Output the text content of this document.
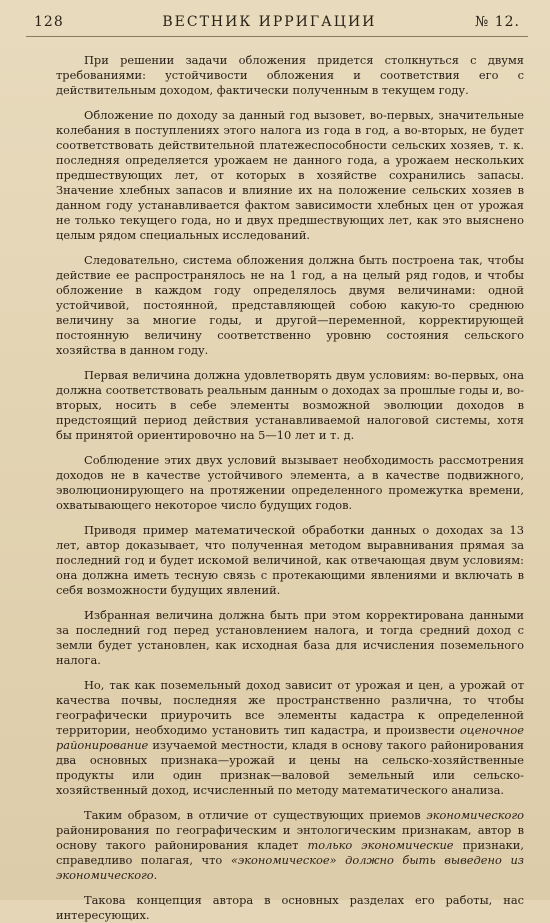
128	ВЕСТНИК ИРРИГАЦИИ	№ 12.

При решении задачи обложения придется столкнуться с двумя требованиями: устойчивости обложения и соответствия его с действительным доходом, фактически полученным в текущем году.

Обложение по доходу за данный год вызовет, во-первых, значительные колебания в поступлениях этого налога из года в год, а во-вторых, не будет соответствовать действительной платежеспособности сельских хозяев, т. к. последняя определяется урожаем не данного года, а урожаем нескольких предшествующих лет, от которых в хозяйстве сохранились запасы. Значение хлебных запасов и влияние их на положение сельских хозяев в данном году устанавливается фактом зависимости хлебных цен от урожая не только текущего года, но и двух предшествующих лет, как это выяснено целым рядом специальных исследований.

Следовательно, система обложения должна быть построена так, чтобы действие ее распространялось не на 1 год, а на целый ряд годов, и чтобы обложение в каждом году определялось двумя величинами: одной устойчивой, постоянной, представляющей собою какую-то среднюю величину за многие годы, и другой—переменной, корректирующей постоянную величину соответственно уровню состояния сельского хозяйства в данном году.

Первая величина должна удовлетворять двум условиям: во-первых, она должна соответствовать реальным данным о доходах за прошлые годы и, во-вторых, носить в себе элементы возможной эволюции доходов в предстоящий период действия устанавливаемой налоговой системы, хотя бы принятой ориентировочно на 5—10 лет и т. д.

Соблюдение этих двух условий вызывает необходимость рассмотрения доходов не в качестве устойчивого элемента, а в качестве подвижного, эволюционирующего на протяжении определенного промежутка времени, охватывающего некоторое число будущих годов.

Приводя пример математической обработки данных о доходах за 13 лет, автор доказывает, что полученная методом выравнивания прямая за последний год и будет искомой величиной, как отвечающая двум условиям: она должна иметь тесную связь с протекающими явлениями и включать в себя возможности будущих явлений.

Избранная величина должна быть при этом корректирована данными за последний год перед установлением налога, и тогда средний доход с земли будет установлен, как исходная база для исчисления поземельного налога.

Но, так как поземельный доход зависит от урожая и цен, а урожай от качества почвы, последняя же пространственно различна, то чтобы географически приурочить все элементы кадастра к определенной территории, необходимо установить тип кадастра, и произвести оценочное районирование изучаемой местности, кладя в основу такого районирования два основных признака—урожай и цены на сельско-хозяйственные продукты или один признак—валовой земельный или сельско-хозяйственный доход, исчисленный по методу математического анализа.

Таким образом, в отличие от существующих приемов экономического районирования по географическим и энтологическим признакам, автор в основу такого районирования кладет только экономические признаки, справедливо полагая, что «экономическое» должно быть выведено из экономического.

Такова концепция автора в основных разделах его работы, нас интересующих.
